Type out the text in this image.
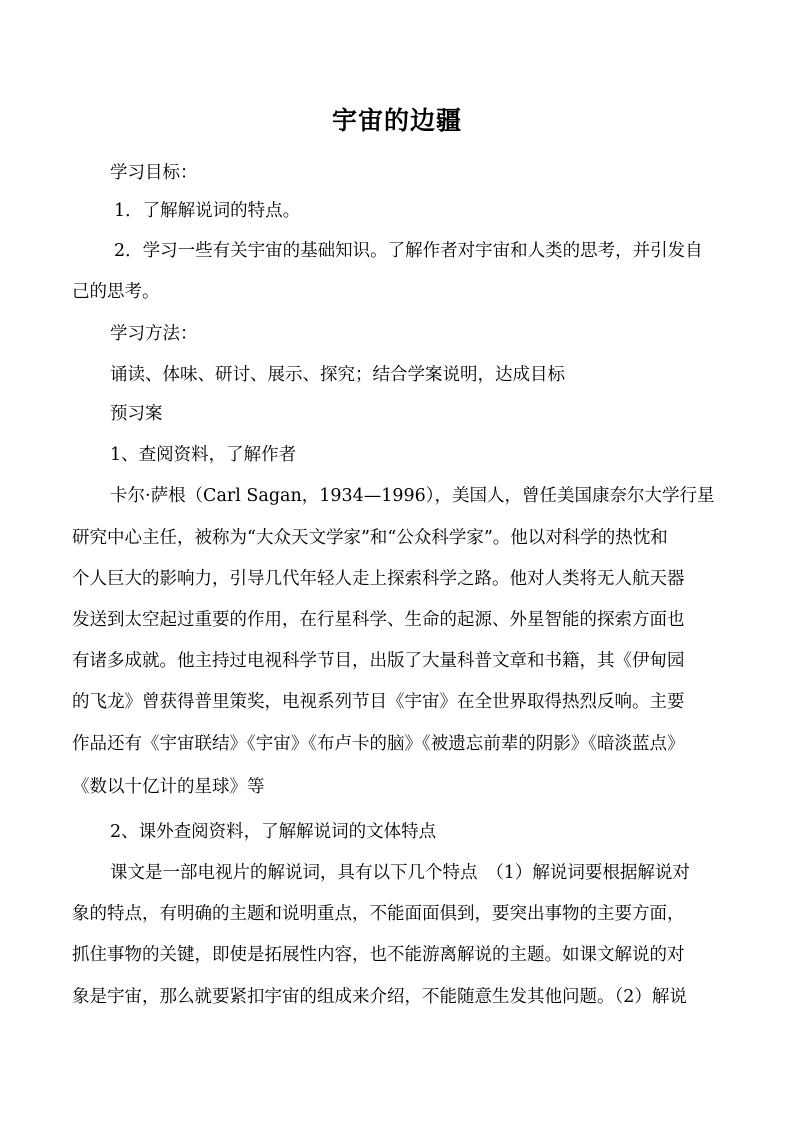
宇宙的边疆
学习目标：
1．了解解说词的特点。
2．学习一些有关宇宙的基础知识。了解作者对宇宙和人类的思考，并引发自
己的思考。
学习方法：
诵读、体味、研讨、展示、探究；结合学案说明，达成目标
预习案
1、查阅资料，了解作者
卡尔·萨根（Carl Sagan，1934—1996），美国人，曾任美国康奈尔大学行星
研究中心主任，被称为“大众天文学家”和“公众科学家”。他以对科学的热忱和
个人巨大的影响力，引导几代年轻人走上探索科学之路。他对人类将无人航天器
发送到太空起过重要的作用，在行星科学、生命的起源、外星智能的探索方面也
有诸多成就。他主持过电视科学节目，出版了大量科普文章和书籍，其《伊甸园
的飞龙》曾获得普里策奖，电视系列节目《宇宙》在全世界取得热烈反响。主要
作品还有《宇宙联结》《宇宙》《布卢卡的脑》《被遗忘前辈的阴影》《暗淡蓝点》
《数以十亿计的星球》等
2、课外查阅资料，了解解说词的文体特点
课文是一部电视片的解说词，具有以下几个特点　（1）解说词要根据解说对
象的特点，有明确的主题和说明重点，不能面面俱到，要突出事物的主要方面，
抓住事物的关键，即使是拓展性内容，也不能游离解说的主题。如课文解说的对
象是宇宙，那么就要紧扣宇宙的组成来介绍，不能随意生发其他问题。（2）解说
